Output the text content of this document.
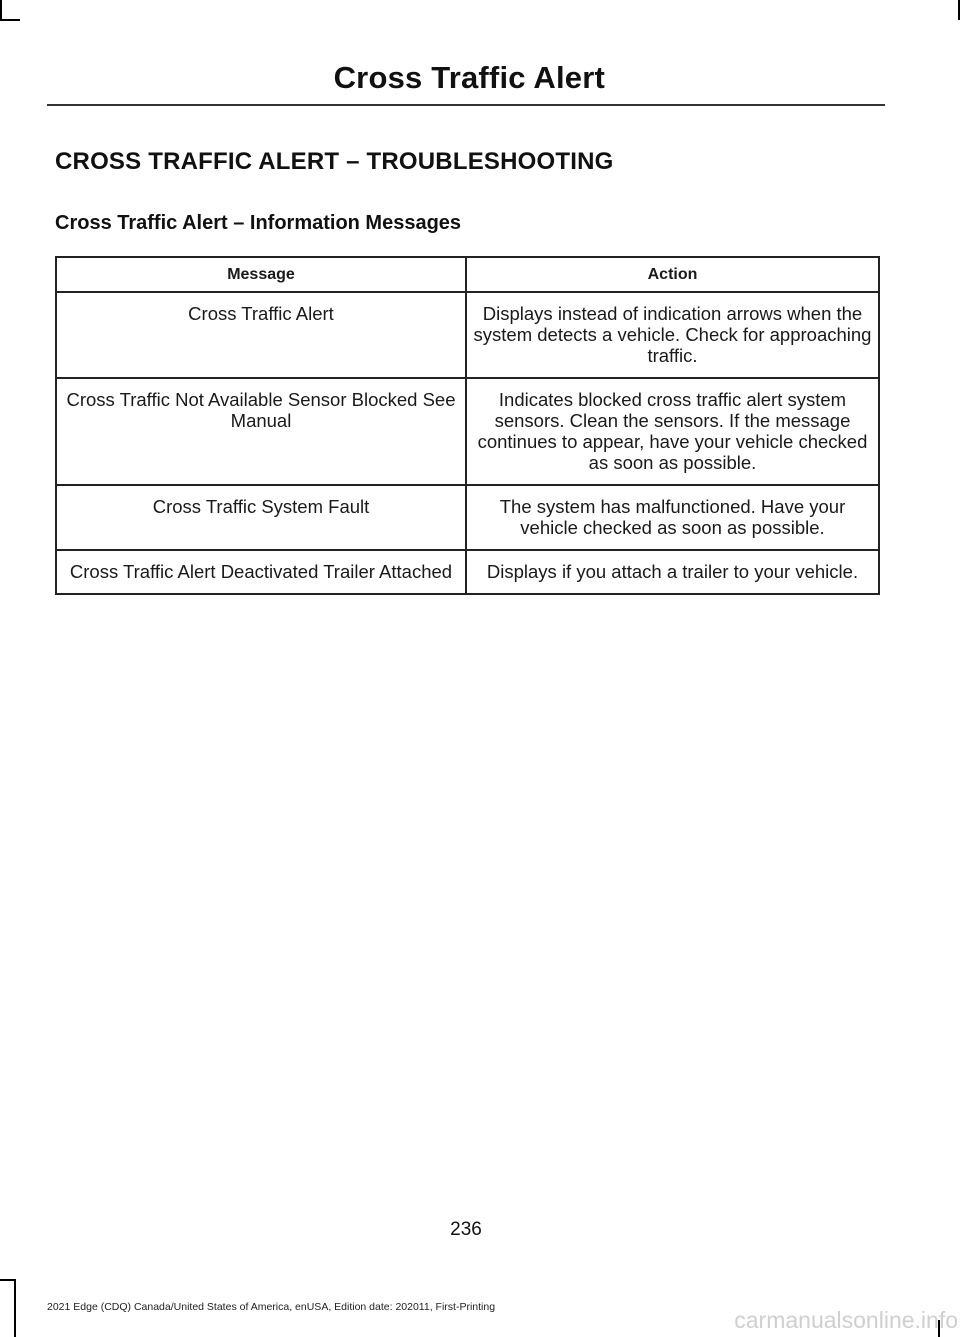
Cross Traffic Alert
CROSS TRAFFIC ALERT – TROUBLESHOOTING
Cross Traffic Alert – Information Messages
Message	Action
Cross Traffic Alert	Displays instead of indication arrows when the system detects a vehicle. Check for approaching traffic.
Cross Traffic Not Available Sensor Blocked See Manual	Indicates blocked cross traffic alert system sensors. Clean the sensors. If the message continues to appear, have your vehicle checked as soon as possible.
Cross Traffic System Fault	The system has malfunctioned. Have your vehicle checked as soon as possible.
Cross Traffic Alert Deactivated Trailer Attached	Displays if you attach a trailer to your vehicle.
236
2021 Edge (CDQ) Canada/United States of America, enUSA, Edition date: 202011, First-Printing	carmanualsonline.info
